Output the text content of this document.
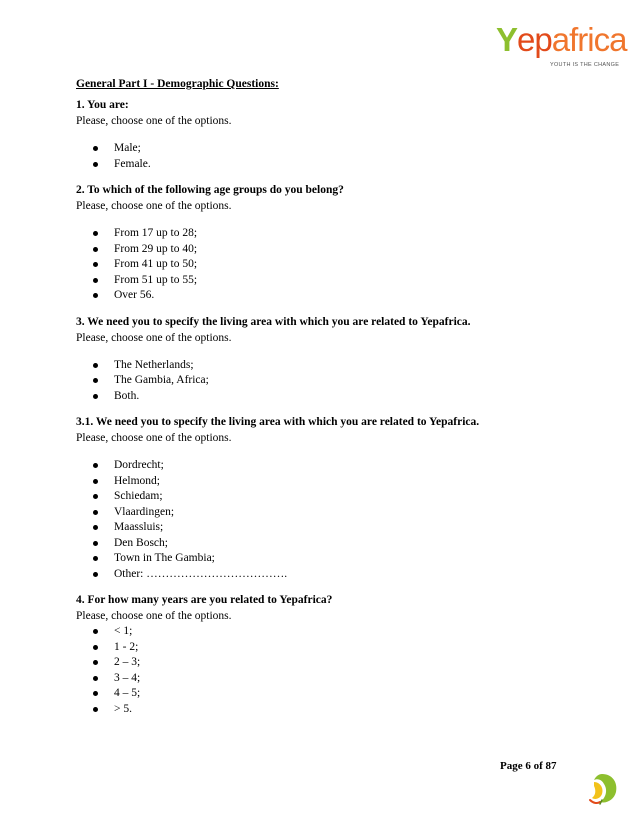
Yepafrica
YOUTH IS THE CHANGE
General Part I - Demographic Questions:
1. You are:
Please, choose one of the options.
Male;
Female.
2. To which of the following age groups do you belong?
Please, choose one of the options.
From 17 up to 28;
From 29 up to 40;
From 41 up to 50;
From 51 up to 55;
Over 56.
3. We need you to specify the living area with which you are related to Yepafrica.
Please, choose one of the options.
The Netherlands;
The Gambia, Africa;
Both.
3.1. We need you to specify the living area with which you are related to Yepafrica.
Please, choose one of the options.
Dordrecht;
Helmond;
Schiedam;
Vlaardingen;
Maassluis;
Den Bosch;
Town in The Gambia;
Other: ……………………………….
4. For how many years are you related to Yepafrica?
Please, choose one of the options.
< 1;
1 - 2;
2 – 3;
3 – 4;
4 – 5;
> 5.
Page 6 of 87
